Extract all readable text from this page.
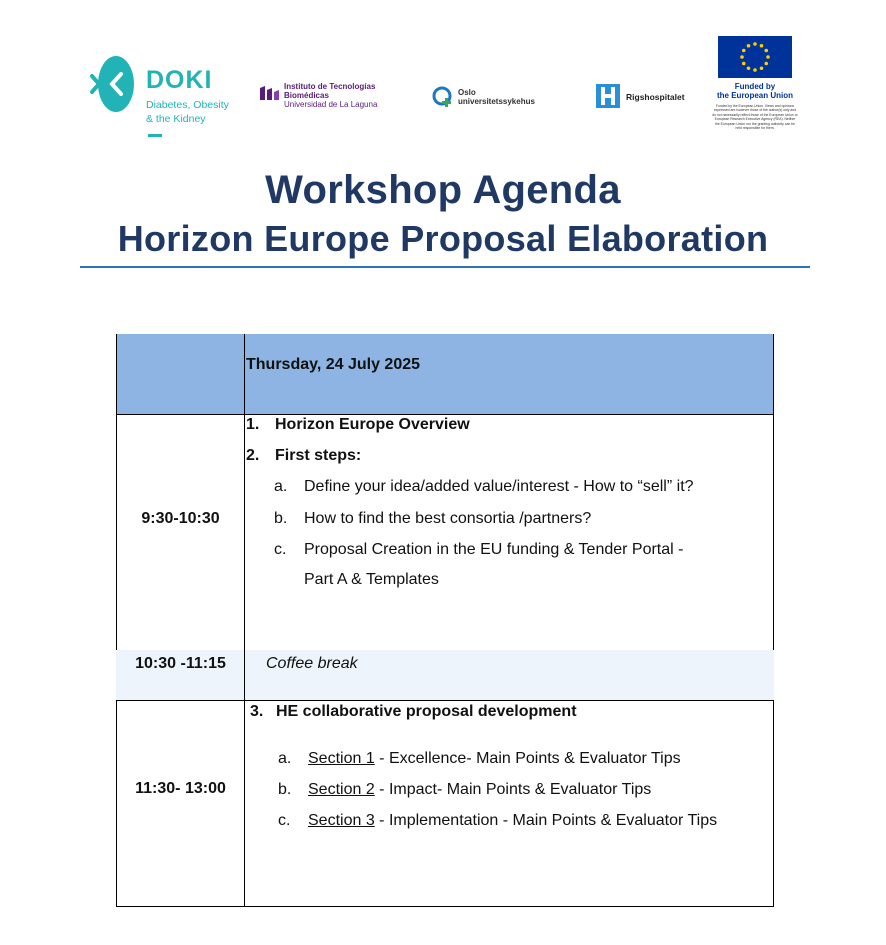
DOKI
Diabetes, Obesity
& the Kidney
Instituto de Tecnologías
Biomédicas
Universidad de La Laguna
Oslo
universitetssykehus	Rigshospitalet
Funded by
the European Union
Funded by the European Union. Views and opinions expressed are however those of the author(s) only and do not necessarily reflect those of the European Union or European Research Executive Agency (REA). Neither the European Union nor the granting authority can be held responsible for them.
Workshop Agenda
Horizon Europe Proposal Elaboration
Thursday, 24 July 2025
9:30-10:30
1. Horizon Europe Overview
2. First steps:
a. Define your idea/added value/interest - How to “sell” it?
b. How to find the best consortia /partners?
c. Proposal Creation in the EU funding & Tender Portal -
Part A & Templates
10:30 -11:15	Coffee break
11:30- 13:00
3. HE collaborative proposal development
a. Section 1 - Excellence- Main Points & Evaluator Tips
b. Section 2 - Impact- Main Points & Evaluator Tips
c. Section 3 - Implementation - Main Points & Evaluator Tips
